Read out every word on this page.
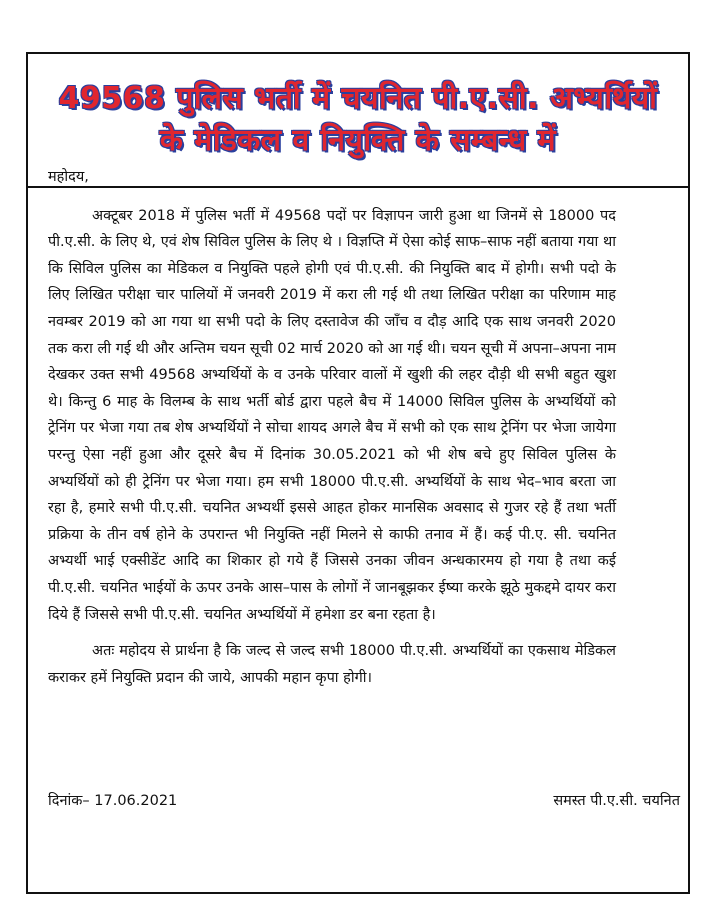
49568 पुलिस भर्ती में चयनित पी.ए.सी. अभ्यर्थियों
के मेडिकल व नियुक्ति के सम्बन्ध में

महोदय,

अक्टूबर 2018 में पुलिस भर्ती में 49568 पदों पर विज्ञापन जारी हुआ था जिनमें से 18000 पद पी.ए.सी. के लिए थे, एवं शेष सिविल पुलिस के लिए थे । विज्ञप्ति में ऐसा कोई साफ–साफ नहीं बताया गया था कि सिविल पुलिस का मेडिकल व नियुक्ति पहले होगी एवं पी.ए.सी. की नियुक्ति बाद में होगी। सभी पदो के लिए लिखित परीक्षा चार पालियों में जनवरी 2019 में करा ली गई थी तथा लिखित परीक्षा का परिणाम माह नवम्बर 2019 को आ गया था सभी पदो के लिए दस्तावेज की जाँच व दौड़ आदि एक साथ जनवरी 2020 तक करा ली गई थी और अन्तिम चयन सूची 02 मार्च 2020 को आ गई थी। चयन सूची में अपना–अपना नाम देखकर उक्त सभी 49568 अभ्यर्थियों के व उनके परिवार वालों में खुशी की लहर दौड़ी थी सभी बहुत खुश थे। किन्तु 6 माह के विलम्ब के साथ भर्ती बोर्ड द्वारा पहले बैच में 14000 सिविल पुलिस के अभ्यर्थियों को ट्रेनिंग पर भेजा गया तब शेष अभ्यर्थियों ने सोचा शायद अगले बैच में सभी को एक साथ ट्रेनिंग पर भेजा जायेगा परन्तु ऐसा नहीं हुआ और दूसरे बैच में दिनांक 30.05.2021 को भी शेष बचे हुए सिविल पुलिस के अभ्यर्थियों को ही ट्रेनिंग पर भेजा गया। हम सभी 18000 पी.ए.सी. अभ्यर्थियों के साथ भेद–भाव बरता जा रहा है, हमारे सभी पी.ए.सी. चयनित अभ्यर्थी इससे आहत होकर मानसिक अवसाद से गुजर रहे हैं तथा भर्ती प्रक्रिया के तीन वर्ष होने के उपरान्त भी नियुक्ति नहीं मिलने से काफी तनाव में हैं। कई पी.ए. सी. चयनित अभ्यर्थी भाई एक्सीडेंट आदि का शिकार हो गये हैं जिससे उनका जीवन अन्धकारमय हो गया है तथा कई पी.ए.सी. चयनित भाईयों के ऊपर उनके आस–पास के लोगों नें जानबूझकर ईष्या करके झूठे मुकद्दमे दायर करा दिये हैं जिससे सभी पी.ए.सी. चयनित अभ्यर्थियों में हमेशा डर बना रहता है।

अतः महोदय से प्रार्थना है कि जल्द से जल्द सभी 18000 पी.ए.सी. अभ्यर्थियों का एकसाथ मेडिकल कराकर हमें नियुक्ति प्रदान की जाये, आपकी महान कृपा होगी।

दिनांक– 17.06.2021	समस्त पी.ए.सी. चयनित
